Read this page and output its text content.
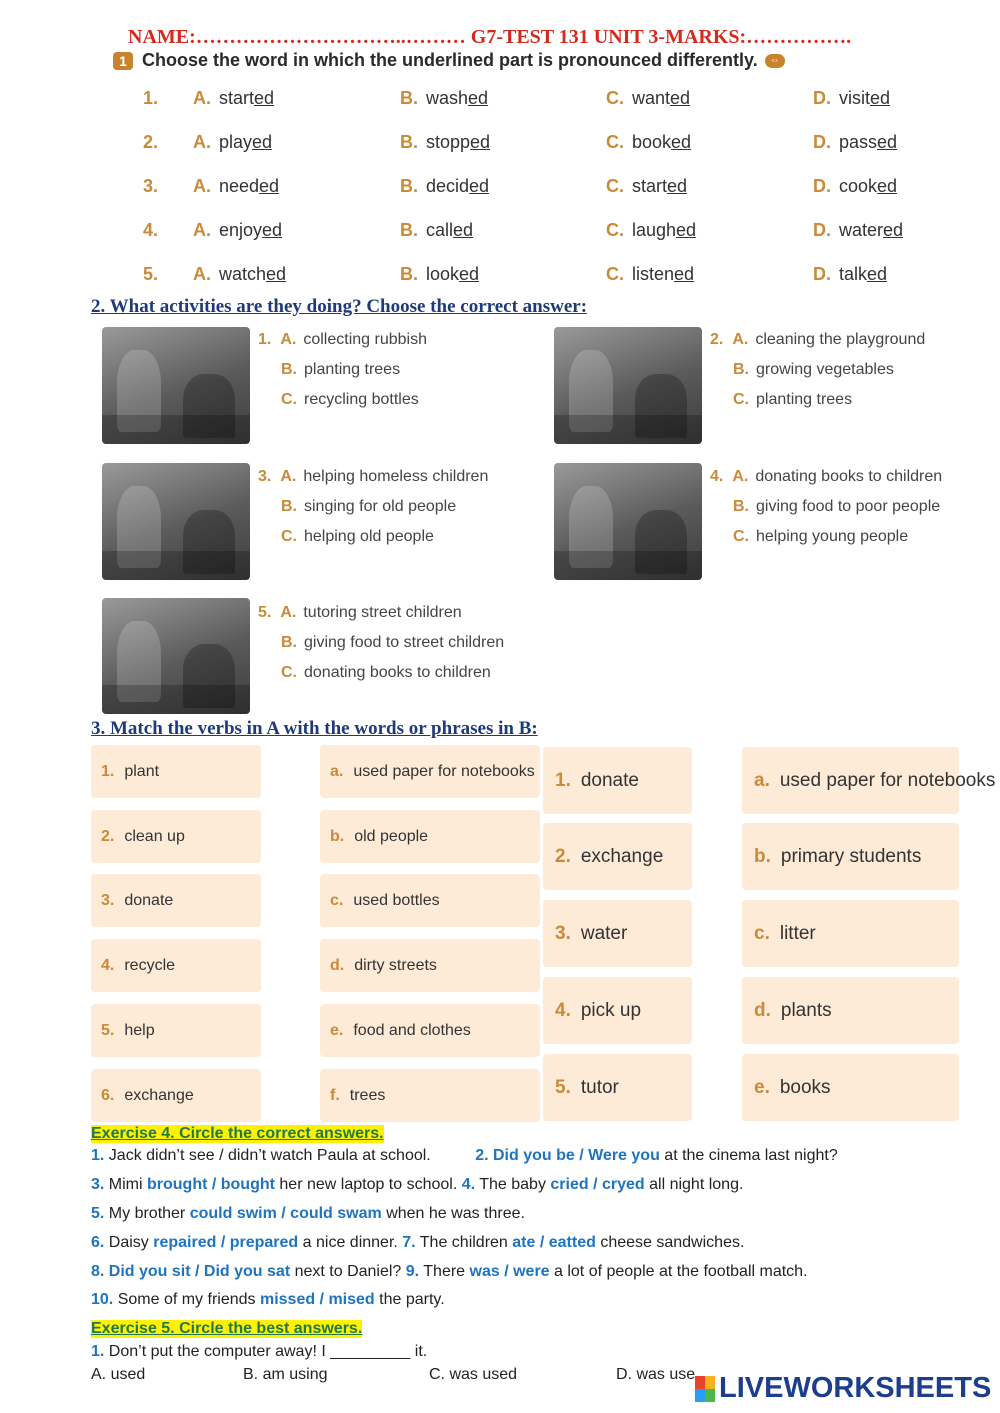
NAME:…………………………..……… G7-TEST 131 UNIT 3-MARKS:…………….
1 Choose the word in which the underlined part is pronounced differently.	⇔
1. A. started	B. washed	C. wanted	D. visited
2. A. played	B. stopped	C. booked	D. passed
3. A. needed	B. decided	C. started	D. cooked
4. A. enjoyed	B. called	C. laughed	D. watered
5. A. watched	B. looked	C. listened	D. talked
2. What activities are they doing? Choose the correct answer:
1. A. collecting rubbish
B. planting trees
C. recycling bottles
2. A. cleaning the playground
B. growing vegetables
C. planting trees
3. A. helping homeless children
B. singing for old people
C. helping old people
4. A. donating books to children
B. giving food to poor people
C. helping young people
5. A. tutoring street children
B. giving food to street children
C. donating books to children
3. Match the verbs in A with the words or phrases in B:
1. plant
2. clean up
3. donate
4. recycle
5. help
6. exchange
a. used paper for notebooks
b. old people
c. used bottles
d. dirty streets
e. food and clothes
f. trees
1. donate
2. exchange
3. water
4. pick up
5. tutor
a. used paper for notebooks
b. primary students
c. litter
d. plants
e. books
Exercise 4. Circle the correct answers.
1. Jack didn’t see / didn’t watch Paula at school.          2. Did you be / Were you at the cinema last night?
3. Mimi brought / bought her new laptop to school. 4. The baby cried / cryed all night long.
5. My brother could swim / could swam when he was three.
6. Daisy repaired / prepared a nice dinner. 7. The children ate / eatted cheese sandwiches.
8. Did you sit / Did you sat next to Daniel? 9. There was / were a lot of people at the football match.
10. Some of my friends missed / mised the party.
Exercise 5. Circle the best answers.
1. Don’t put the computer away! I _________ it.
A. used	B. am using	C. was used	D. was use LIVEWORKSHEETS
